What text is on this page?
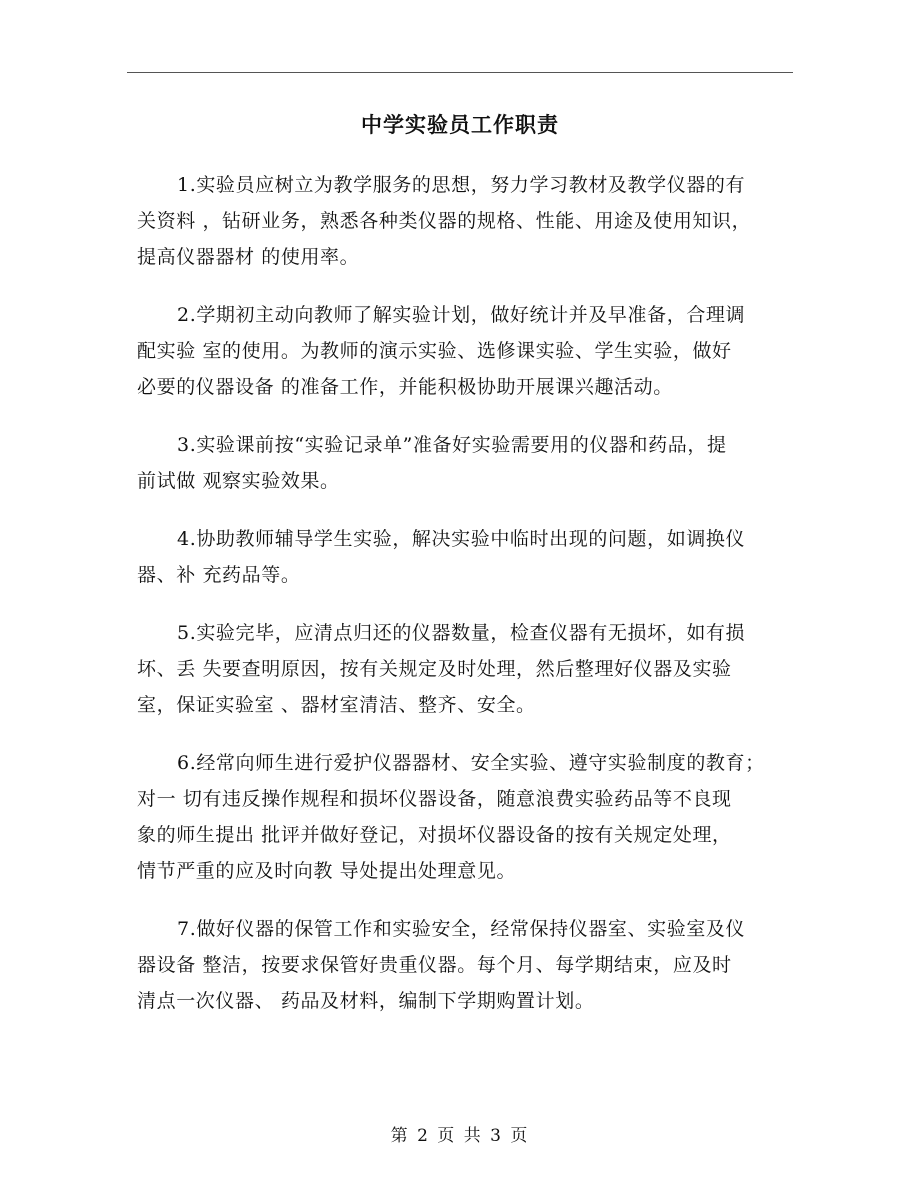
中学实验员工作职责
1.实验员应树立为教学服务的思想，努力学习教材及教学仪器的有
关资料 ，钻研业务，熟悉各种类仪器的规格、性能、用途及使用知识，
提高仪器器材 的使用率。
2.学期初主动向教师了解实验计划，做好统计并及早准备，合理调
配实验 室的使用。为教师的演示实验、选修课实验、学生实验，做好
必要的仪器设备 的准备工作，并能积极协助开展课兴趣活动。
3.实验课前按“实验记录单”准备好实验需要用的仪器和药品，提
前试做 观察实验效果。
4.协助教师辅导学生实验，解决实验中临时出现的问题，如调换仪
器、补 充药品等。
5.实验完毕，应清点归还的仪器数量，检查仪器有无损坏，如有损
坏、丢 失要查明原因，按有关规定及时处理，然后整理好仪器及实验
室，保证实验室 、器材室清洁、整齐、安全。
6.经常向师生进行爱护仪器器材、安全实验、遵守实验制度的教育；
对一 切有违反操作规程和损坏仪器设备，随意浪费实验药品等不良现
象的师生提出 批评并做好登记，对损坏仪器设备的按有关规定处理，
情节严重的应及时向教 导处提出处理意见。
7.做好仪器的保管工作和实验安全，经常保持仪器室、实验室及仪
器设备 整洁，按要求保管好贵重仪器。每个月、每学期结束，应及时
清点一次仪器、 药品及材料，编制下学期购置计划。
第 2 页 共 3 页
